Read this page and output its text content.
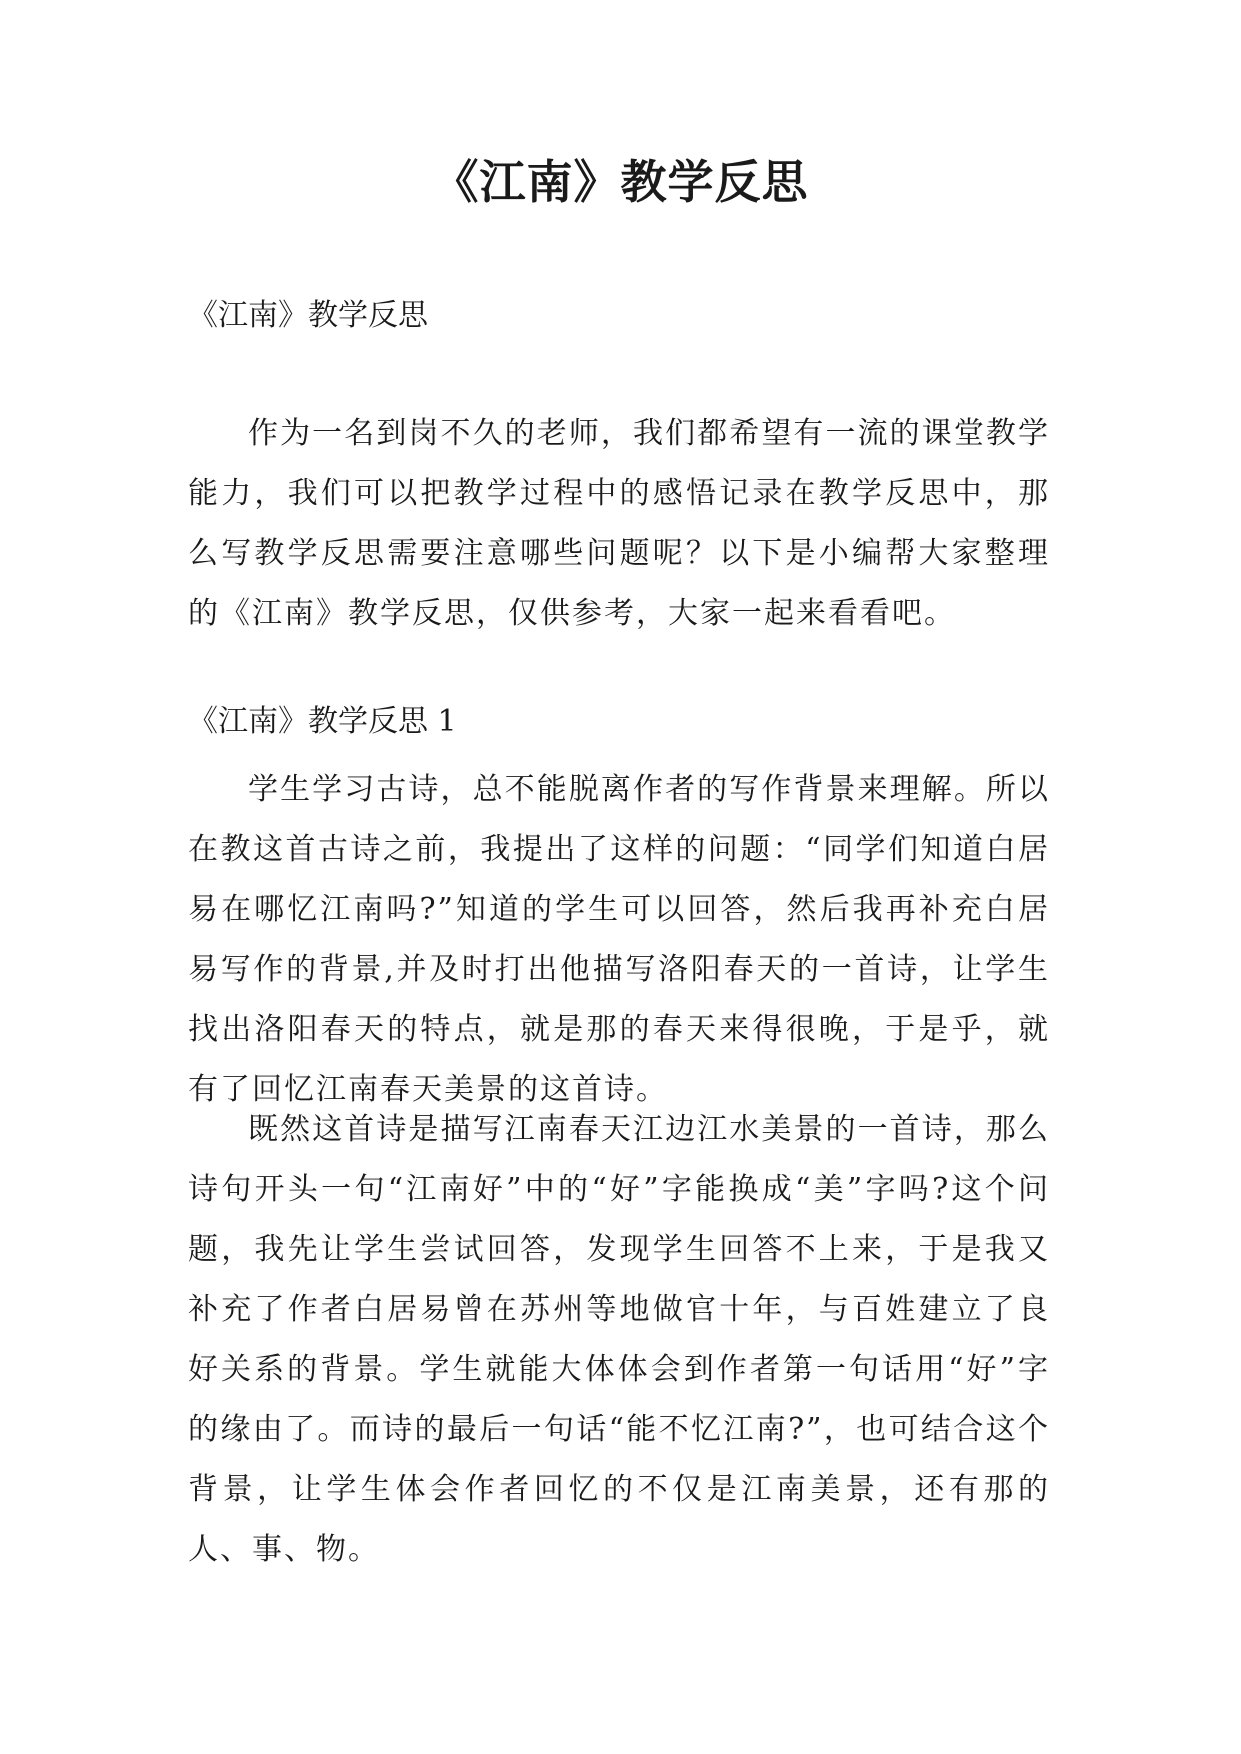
《江南》教学反思

《江南》教学反思

作为一名到岗不久的老师，我们都希望有一流的课堂教学能力，我们可以把教学过程中的感悟记录在教学反思中，那么写教学反思需要注意哪些问题呢？以下是小编帮大家整理的《江南》教学反思，仅供参考，大家一起来看看吧。

《江南》教学反思 1

学生学习古诗，总不能脱离作者的写作背景来理解。所以在教这首古诗之前，我提出了这样的问题：“同学们知道白居易在哪忆江南吗?”知道的学生可以回答，然后我再补充白居易写作的背景,并及时打出他描写洛阳春天的一首诗，让学生找出洛阳春天的特点，就是那的春天来得很晚，于是乎，就有了回忆江南春天美景的这首诗。

既然这首诗是描写江南春天江边江水美景的一首诗，那么诗句开头一句“江南好”中的“好”字能换成“美”字吗?这个问题，我先让学生尝试回答，发现学生回答不上来，于是我又补充了作者白居易曾在苏州等地做官十年，与百姓建立了良好关系的背景。学生就能大体体会到作者第一句话用“好”字的缘由了。而诗的最后一句话“能不忆江南?”，也可结合这个背景，让学生体会作者回忆的不仅是江南美景，还有那的人、事、物。
